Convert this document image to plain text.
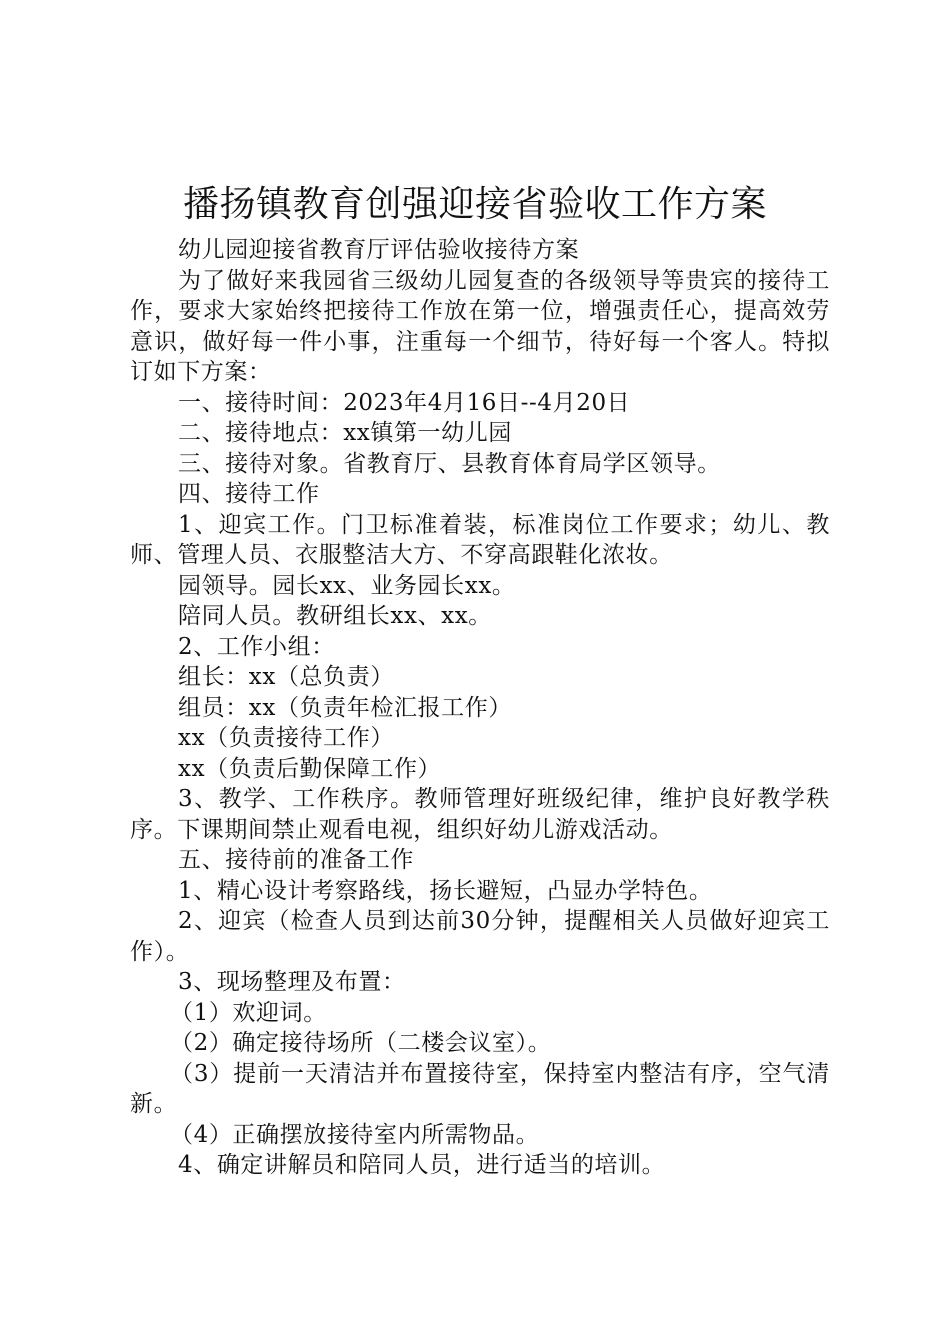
播扬镇教育创强迎接省验收工作方案

幼儿园迎接省教育厅评估验收接待方案

为了做好来我园省三级幼儿园复查的各级领导等贵宾的接待工作，要求大家始终把接待工作放在第一位，增强责任心，提高效劳意识，做好每一件小事，注重每一个细节，待好每一个客人。特拟订如下方案：

一、接待时间：2023年4月16日--4月20日

二、接待地点：xx镇第一幼儿园

三、接待对象。省教育厅、县教育体育局学区领导。

四、接待工作

1、迎宾工作。门卫标准着装，标准岗位工作要求；幼儿、教师、管理人员、衣服整洁大方、不穿高跟鞋化浓妆。

园领导。园长xx、业务园长xx。

陪同人员。教研组长xx、xx。

2、工作小组：

组长：xx（总负责）

组员：xx（负责年检汇报工作）

xx（负责接待工作）

xx（负责后勤保障工作）

3、教学、工作秩序。教师管理好班级纪律，维护良好教学秩序。下课期间禁止观看电视，组织好幼儿游戏活动。

五、接待前的准备工作

1、精心设计考察路线，扬长避短，凸显办学特色。

2、迎宾（检查人员到达前30分钟，提醒相关人员做好迎宾工作）。

3、现场整理及布置：

（1）欢迎词。

（2）确定接待场所（二楼会议室）。

（3）提前一天清洁并布置接待室，保持室内整洁有序，空气清新。

（4）正确摆放接待室内所需物品。

4、确定讲解员和陪同人员，进行适当的培训。
